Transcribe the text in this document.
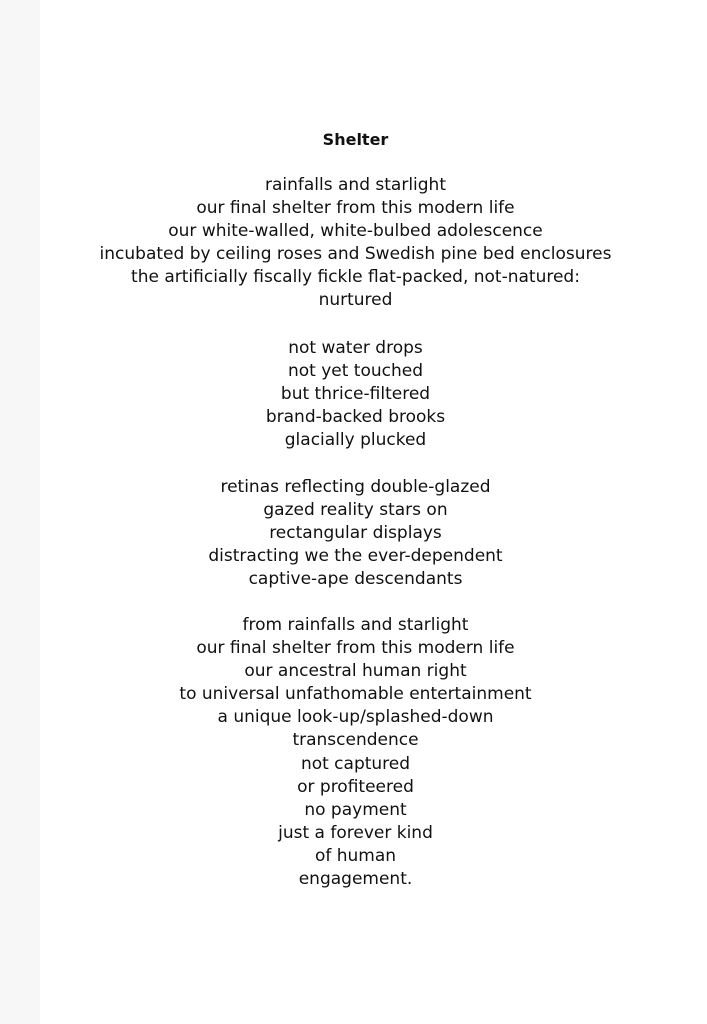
Shelter
rainfalls and starlight
our final shelter from this modern life
our white-walled, white-bulbed adolescence
incubated by ceiling roses and Swedish pine bed enclosures
the artificially fiscally fickle flat-packed, not-natured:
nurtured
not water drops
not yet touched
but thrice-filtered
brand-backed brooks
glacially plucked
retinas reflecting double-glazed
gazed reality stars on
rectangular displays
distracting we the ever-dependent
captive-ape descendants
from rainfalls and starlight
our final shelter from this modern life
our ancestral human right
to universal unfathomable entertainment
a unique look-up/splashed-down
transcendence
not captured
or profiteered
no payment
just a forever kind
of human
engagement.
